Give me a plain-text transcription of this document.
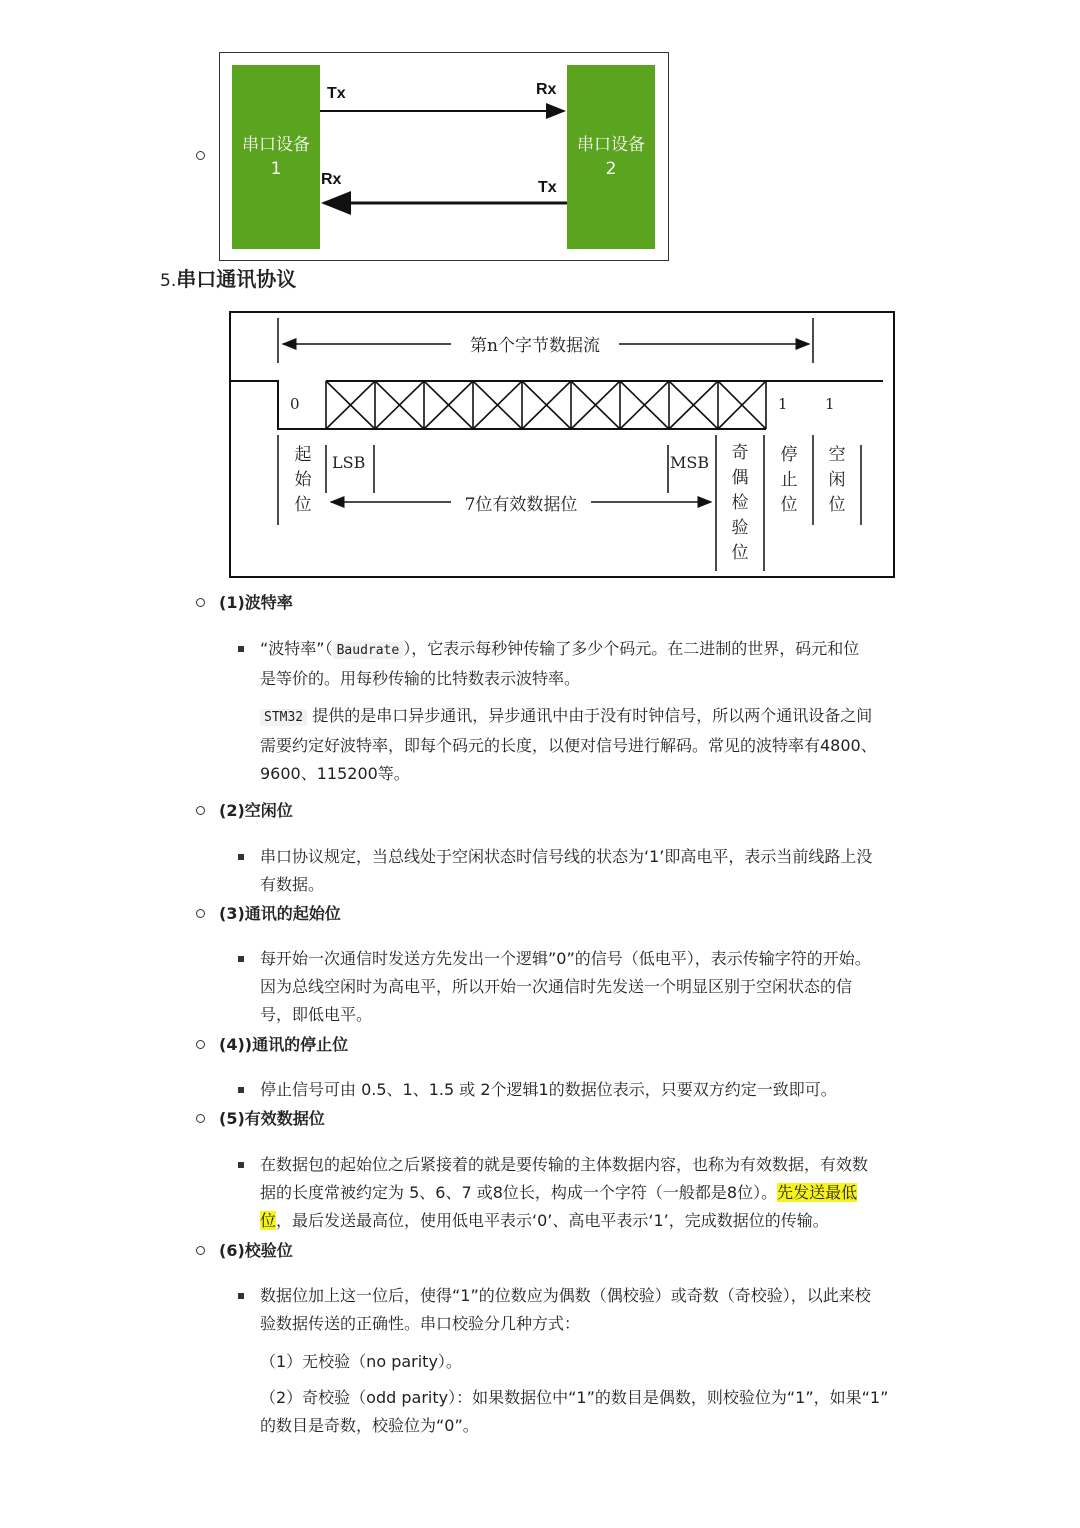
串口设备
1
串口设备
2
Tx	Rx
Rx	Tx
5.串口通讯协议
第n个字节数据流
0	1 1
起
始
位
LSB	MSB
7位有效数据位
奇
偶
检
验
位
停
止
位
空
闲
位
(1)波特率
“波特率”（ Baudrate ），它表示每秒钟传输了多少个码元。在二进制的世界，码元和位
是等价的。用每秒传输的比特数表示波特率。
STM32 提供的是串口异步通讯，异步通讯中由于没有时钟信号，所以两个通讯设备之间
需要约定好波特率，即每个码元的长度，以便对信号进行解码。常见的波特率有4800、
9600、115200等。
(2)空闲位
串口协议规定，当总线处于空闲状态时信号线的状态为‘1’即高电平，表示当前线路上没
有数据。
(3)通讯的起始位
每开始一次通信时发送方先发出一个逻辑”0”的信号（低电平），表示传输字符的开始。
因为总线空闲时为高电平，所以开始一次通信时先发送一个明显区别于空闲状态的信
号，即低电平。
(4))通讯的停止位
停止信号可由 0.5、1、1.5 或 2个逻辑1的数据位表示，只要双方约定一致即可。
(5)有效数据位
在数据包的起始位之后紧接着的就是要传输的主体数据内容，也称为有效数据，有效数
据的长度常被约定为 5、6、7 或8位长，构成一个字符（一般都是8位）。先发送最低
位，最后发送最高位，使用低电平表示‘0’、高电平表示‘1’，完成数据位的传输。
(6)校验位
数据位加上这一位后，使得“1”的位数应为偶数（偶校验）或奇数（奇校验），以此来校
验数据传送的正确性。串口校验分几种方式：
（1）无校验（no parity）。
（2）奇校验（odd parity）：如果数据位中“1”的数目是偶数，则校验位为“1”，如果“1”
的数目是奇数，校验位为“0”。
